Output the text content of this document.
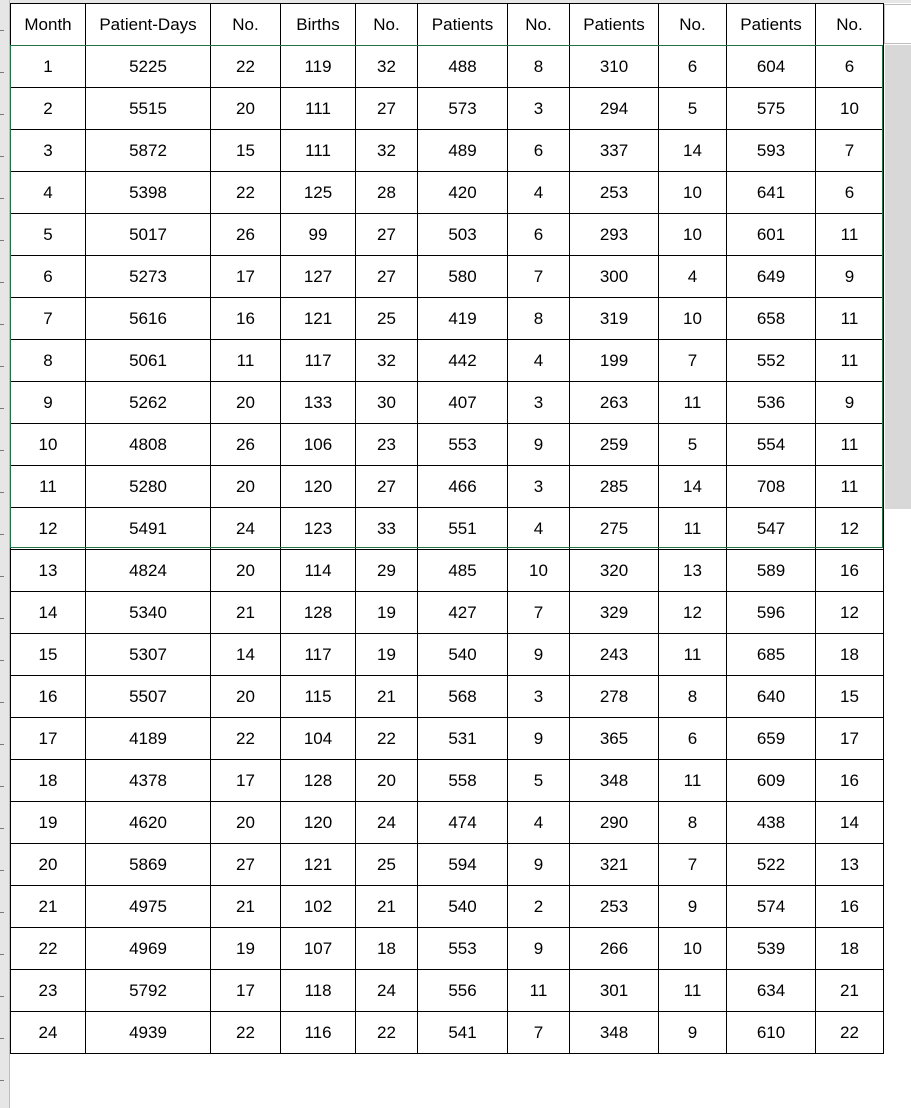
Month	Patient-Days	No.	Births	No.	Patients	No.	Patients	No.	Patients	No.
1	5225	22	119	32	488	8	310	6	604	6
2	5515	20	111	27	573	3	294	5	575	10
3	5872	15	111	32	489	6	337	14	593	7
4	5398	22	125	28	420	4	253	10	641	6
5	5017	26	99	27	503	6	293	10	601	11
6	5273	17	127	27	580	7	300	4	649	9
7	5616	16	121	25	419	8	319	10	658	11
8	5061	11	117	32	442	4	199	7	552	11
9	5262	20	133	30	407	3	263	11	536	9
10	4808	26	106	23	553	9	259	5	554	11
11	5280	20	120	27	466	3	285	14	708	11
12	5491	24	123	33	551	4	275	11	547	12
13	4824	20	114	29	485	10	320	13	589	16
14	5340	21	128	19	427	7	329	12	596	12
15	5307	14	117	19	540	9	243	11	685	18
16	5507	20	115	21	568	3	278	8	640	15
17	4189	22	104	22	531	9	365	6	659	17
18	4378	17	128	20	558	5	348	11	609	16
19	4620	20	120	24	474	4	290	8	438	14
20	5869	27	121	25	594	9	321	7	522	13
21	4975	21	102	21	540	2	253	9	574	16
22	4969	19	107	18	553	9	266	10	539	18
23	5792	17	118	24	556	11	301	11	634	21
24	4939	22	116	22	541	7	348	9	610	22
